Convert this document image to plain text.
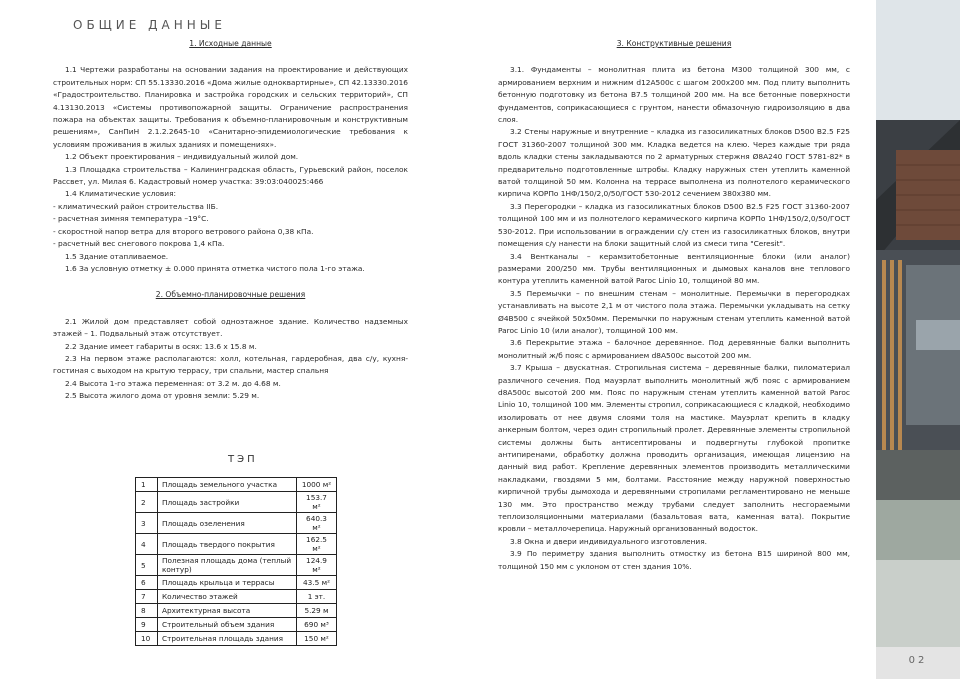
ОБЩИЕ ДАННЫЕ
1. Исходные данные

1.1 Чертежи разработаны на основании задания на проектирование и действующих строительных норм: СП 55.13330.2016 «Дома жилые одноквартирные», СП 42.13330.2016 «Градостроительство. Планировка и застройка городских и сельских территорий», СП 4.13130.2013 «Системы противопожарной защиты. Ограничение распространения пожара на объектах защиты. Требования к объемно-планировочным и конструктивным решениям», СанПиН 2.1.2.2645-10 «Санитарно-эпидемиологические требования к условиям проживания в жилых зданиях и помещениях».

1.2 Объект проектирования – индивидуальный жилой дом.

1.3 Площадка строительства – Калининградская область, Гурьевский район, поселок Рассвет, ул. Милая 6. Кадастровый номер участка: 39:03:040025:466

1.4 Климатические условия:

- климатический район строительства IIБ.

- расчетная зимняя температура –19°С.

- скоростной напор ветра для второго ветрового района 0,38 кПа.

- расчетный вес снегового покрова 1,4 кПа.

1.5 Здание отапливаемое.

1.6 За условную отметку ± 0.000 принята отметка чистого пола 1-го этажа.

2. Объемно-планировочные решения

2.1 Жилой дом представляет собой одноэтажное здание. Количество надземных этажей – 1. Подвальный этаж отсутствует.

2.2 Здание имеет габариты в осях: 13.6 х 15.8 м.

2.3 На первом этаже располагаются: холл, котельная, гардеробная, два с/у, кухня-гостиная с выходом на крытую террасу, три спальни, мастер спальня

2.4 Высота 1-го этажа переменная: от 3.2 м. до 4.68 м.

2.5 Высота жилого дома от уровня земли: 5.29 м.

ТЭП
1	Площадь земельного участка	1000 м²
2	Площадь застройки	153.7 м²
3	Площадь озеленения	640.3 м²
4	Площадь твердого покрытия	162.5 м²
5	Полезная площадь дома (теплый контур)	124.9 м²
6	Площадь крыльца и террасы	43.5 м²
7	Количество этажей	1 эт.
8	Архитектурная высота	5.29 м
9	Строительный объем здания	690 м³
10	Строительная площадь здания	150 м²
3. Конструктивные решения

3.1. Фундаменты – монолитная плита из бетона М300 толщиной 300 мм, с армированием верхним и нижним d12А500с с шагом 200х200 мм. Под плиту выполнить бетонную подготовку из бетона В7.5 толщиной 200 мм. На все бетонные поверхности фундаментов, соприкасающиеся с грунтом, нанести обмазочную гидроизоляцию в два слоя.

3.2 Стены наружные и внутренние – кладка из газосиликатных блоков D500 B2.5 F25 ГОСТ 31360-2007 толщиной 300 мм. Кладка ведется на клею. Через каждые три ряда вдоль кладки стены закладываются по 2 арматурных стержня Ø8А240 ГОСТ 5781-82* в предварительно подготовленные штробы. Кладку наружных стен утеплить каменной ватой толщиной 50 мм. Колонна на террасе выполнена из полнотелого керамического кирпича КОРПо 1НФ/150/2,0/50/ГОСТ 530-2012 сечением 380х380 мм.

3.3 Перегородки – кладка из газосиликатных блоков D500 B2.5 F25 ГОСТ 31360-2007 толщиной 100 мм и из полнотелого керамического кирпича КОРПо 1НФ/150/2,0/50/ГОСТ 530-2012. При использовании в ограждении с/у стен из газосиликатных блоков, внутри помещения с/у нанести на блоки защитный слой из смеси типа "Ceresit".

3.4 Вентканалы – керамзитобетонные вентиляционные блоки (или аналог) размерами 200/250 мм. Трубы вентиляционных и дымовых каналов вне теплового контура утеплить каменной ватой Paroc Linio 10, толщиной 80 мм.

3.5 Перемычки – по внешним стенам – монолитные. Перемычки в перегородках устанавливать на высоте 2,1 м от чистого пола этажа. Перемычки укладывать на сетку Ø4В500 с ячейкой 50х50мм. Перемычки по наружным стенам утеплить каменной ватой Paroc Linio 10 (или аналог), толщиной 100 мм.

3.6 Перекрытие этажа – балочное деревянное. Под деревянные балки выполнить монолитный ж/б пояс с армированием d8А500с высотой 200 мм.

3.7 Крыша – двускатная. Стропильная система – деревянные балки, пиломатериал различного сечения. Под мауэрлат выполнить монолитный ж/б пояс с армированием d8А500с высотой 200 мм. Пояс по наружным стенам утеплить каменной ватой Paroc Linio 10, толщиной 100 мм. Элементы стропил, соприкасающиеся с кладкой, необходимо изолировать от нее двумя слоями толя на мастике. Мауэрлат крепить в кладку анкерным болтом, через один стропильный пролет. Деревянные элементы стропильной системы должны быть антисептированы и подвергнуты глубокой пропитке антипиренами, обработку должна проводить организация, имеющая лицензию на данный вид работ. Крепление деревянных элементов производить металлическими накладками, гвоздями 5 мм, болтами. Расстояние между наружной поверхностью кирпичной трубы дымохода и деревянными стропилами регламентировано не меньше 130 мм. Это пространство между трубами следует заполнить несгораемыми теплоизоляционными материалами (базальтовая вата, каменная вата). Покрытие кровли – металлочерепица. Наружный организованный водосток.

3.8 Окна и двери индивидуального изготовления.

3.9 По периметру здания выполнить отмостку из бетона В15 шириной 800 мм, толщиной 150 мм с уклоном от стен здания 10%.

02
